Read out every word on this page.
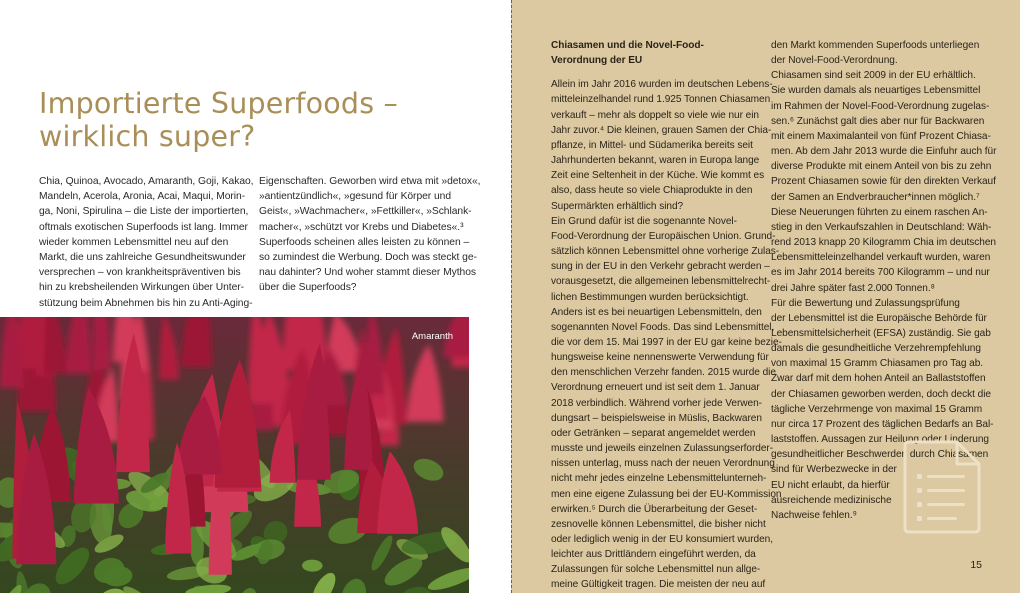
Importierte Superfoods –
wirklich super?
Chia, Quinoa, Avocado, Amaranth, Goji, Kakao,
Mandeln, Acerola, Aronia, Acai, Maqui, Morin-
ga, Noni, Spirulina – die Liste der importierten,
oftmals exotischen Superfoods ist lang. Immer
wieder kommen Lebensmittel neu auf den
Markt, die uns zahlreiche Gesundheitswunder
versprechen – von krankheitspräventiven bis
hin zu krebsheilenden Wirkungen über Unter-
stützung beim Abnehmen bis hin zu Anti-Aging-
Eigenschaften. Geworben wird etwa mit »detox«,
»antientzündlich«, »gesund für Körper und
Geist«, »Wachmacher«, »Fettkiller«, »Schlank-
macher«, »schützt vor Krebs und Diabetes«.³
Superfoods scheinen alles leisten zu können –
so zumindest die Werbung. Doch was steckt ge-
nau dahinter? Und woher stammt dieser Mythos
über die Superfoods?
Amaranth
Chiasamen und die Novel-Food-
Verordnung der EU
Allein im Jahr 2016 wurden im deutschen Lebens-
mitteleinzelhandel rund 1.925 Tonnen Chiasamen
verkauft – mehr als doppelt so viele wie nur ein
Jahr zuvor.⁴ Die kleinen, grauen Samen der Chia-
pflanze, in Mittel- und Südamerika bereits seit
Jahrhunderten bekannt, waren in Europa lange
Zeit eine Seltenheit in der Küche. Wie kommt es
also, dass heute so viele Chiaprodukte in den
Supermärkten erhältlich sind?
Ein Grund dafür ist die sogenannte Novel-
Food-Verordnung der Europäischen Union. Grund-
sätzlich können Lebensmittel ohne vorherige Zulas-
sung in der EU in den Verkehr gebracht werden –
vorausgesetzt, die allgemeinen lebensmittelrecht-
lichen Bestimmungen wurden berücksichtigt.
Anders ist es bei neuartigen Lebensmitteln, den
sogenannten Novel Foods. Das sind Lebensmittel,
die vor dem 15. Mai 1997 in der EU gar keine bezie-
hungsweise keine nennenswerte Verwendung für
den menschlichen Verzehr fanden. 2015 wurde die
Verordnung erneuert und ist seit dem 1. Januar
2018 verbindlich. Während vorher jede Verwen-
dungsart – beispielsweise in Müslis, Backwaren
oder Getränken – separat angemeldet werden
musste und jeweils einzelnen Zulassungserforder-
nissen unterlag, muss nach der neuen Verordnung
nicht mehr jedes einzelne Lebensmittelunterneh-
men eine eigene Zulassung bei der EU-Kommission
erwirken.⁵ Durch die Überarbeitung der Geset-
zesnovelle können Lebensmittel, die bisher nicht
oder lediglich wenig in der EU konsumiert wurden,
leichter aus Drittländern eingeführt werden, da
Zulassungen für solche Lebensmittel nun allge-
meine Gültigkeit tragen. Die meisten der neu auf
den Markt kommenden Superfoods unterliegen
der Novel-Food-Verordnung.
Chiasamen sind seit 2009 in der EU erhältlich.
Sie wurden damals als neuartiges Lebensmittel
im Rahmen der Novel-Food-Verordnung zugelas-
sen.⁶ Zunächst galt dies aber nur für Backwaren
mit einem Maximalanteil von fünf Prozent Chiasa-
men. Ab dem Jahr 2013 wurde die Einfuhr auch für
diverse Produkte mit einem Anteil von bis zu zehn
Prozent Chiasamen sowie für den direkten Verkauf
der Samen an Endverbraucher*innen möglich.⁷
Diese Neuerungen führten zu einem raschen An-
stieg in den Verkaufszahlen in Deutschland: Wäh-
rend 2013 knapp 20 Kilogramm Chia im deutschen
Lebensmitteleinzelhandel verkauft wurden, waren
es im Jahr 2014 bereits 700 Kilogramm – und nur
drei Jahre später fast 2.000 Tonnen.⁸
Für die Bewertung und Zulassungsprüfung
der Lebensmittel ist die Europäische Behörde für
Lebensmittelsicherheit (EFSA) zuständig. Sie gab
damals die gesundheitliche Verzehrempfehlung
von maximal 15 Gramm Chiasamen pro Tag ab.
Zwar darf mit dem hohen Anteil an Ballaststoffen
der Chiasamen geworben werden, doch deckt die
tägliche Verzehrmenge von maximal 15 Gramm
nur circa 17 Prozent des täglichen Bedarfs an Bal-
laststoffen. Aussagen zur Heilung oder Linderung
gesundheitlicher Beschwerden durch Chiasamen
sind für Werbezwecke in der
EU nicht erlaubt, da hierfür
ausreichende medizinische
Nachweise fehlen.⁹
15
